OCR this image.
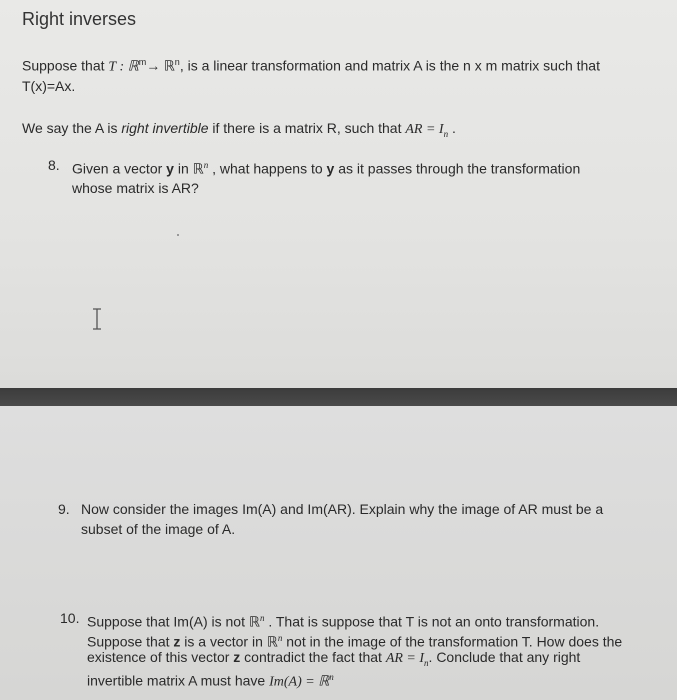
Right inverses
Suppose that T : ℝ$^m$→ ℝ$^n$, is a linear transformation and matrix A is the n x m matrix such that
T(x)=Ax.
We say the A is right invertible if there is a matrix R, such that AR = $I_n$ .
8. Given a vector y in ℝ$^n$ , what happens to y as it passes through the transformation
whose matrix is AR?
9. Now consider the images Im(A) and Im(AR). Explain why the image of AR must be a
subset of the image of A.
10. Suppose that Im(A) is not ℝ$^n$ . That is suppose that T is not an onto transformation.
Suppose that z is a vector in ℝ$^n$ not in the image of the transformation T. How does the
existence of this vector z contradict the fact that AR = $I_n$. Conclude that any right
invertible matrix A must have Im(A) = ℝ$^n$
